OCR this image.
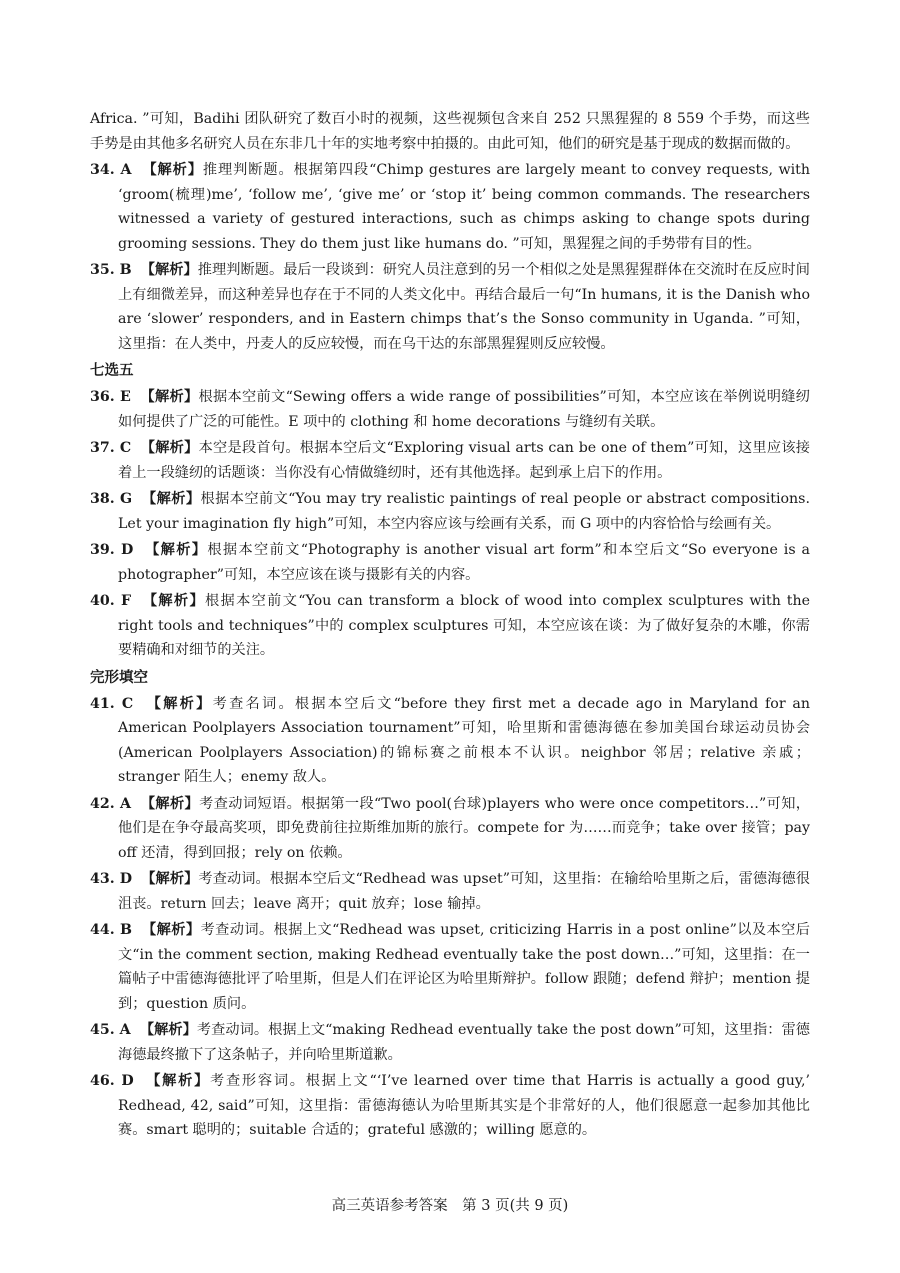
Africa. ”可知，Badihi 团队研究了数百小时的视频，这些视频包含来自 252 只黑猩猩的 8 559 个手势，而这些手势是由其他多名研究人员在东非几十年的实地考察中拍摄的。由此可知，他们的研究是基于现成的数据而做的。

34. A 【解析】推理判断题。根据第四段“Chimp gestures are largely meant to convey requests, with ‘groom(梳理)me’, ‘follow me’, ‘give me’ or ‘stop it’ being common commands. The researchers witnessed a variety of gestured interactions, such as chimps asking to change spots during grooming sessions. They do them just like humans do. ”可知，黑猩猩之间的手势带有目的性。

35. B 【解析】推理判断题。最后一段谈到：研究人员注意到的另一个相似之处是黑猩猩群体在交流时在反应时间上有细微差异，而这种差异也存在于不同的人类文化中。再结合最后一句“In humans, it is the Danish who are ‘slower’ responders, and in Eastern chimps that’s the Sonso community in Uganda. ”可知，这里指：在人类中，丹麦人的反应较慢，而在乌干达的东部黑猩猩则反应较慢。

七选五

36. E 【解析】根据本空前文“Sewing offers a wide range of possibilities”可知，本空应该在举例说明缝纫如何提供了广泛的可能性。E 项中的 clothing 和 home decorations 与缝纫有关联。

37. C 【解析】本空是段首句。根据本空后文“Exploring visual arts can be one of them”可知，这里应该接着上一段缝纫的话题谈：当你没有心情做缝纫时，还有其他选择。起到承上启下的作用。

38. G 【解析】根据本空前文“You may try realistic paintings of real people or abstract compositions. Let your imagination fly high”可知，本空内容应该与绘画有关系，而 G 项中的内容恰恰与绘画有关。

39. D 【解析】根据本空前文“Photography is another visual art form”和本空后文“So everyone is a photographer”可知，本空应该在谈与摄影有关的内容。

40. F 【解析】根据本空前文“You can transform a block of wood into complex sculptures with the right tools and techniques”中的 complex sculptures 可知，本空应该在谈：为了做好复杂的木雕，你需要精确和对细节的关注。

完形填空

41. C 【解析】考查名词。根据本空后文“before they first met a decade ago in Maryland for an American Poolplayers Association tournament”可知，哈里斯和雷德海德在参加美国台球运动员协会(American Poolplayers Association)的锦标赛之前根本不认识。neighbor 邻居；relative 亲戚；stranger 陌生人；enemy 敌人。

42. A 【解析】考查动词短语。根据第一段“Two pool(台球)players who were once competitors…”可知，他们是在争夺最高奖项，即免费前往拉斯维加斯的旅行。compete for 为……而竞争；take over 接管；pay off 还清，得到回报；rely on 依赖。

43. D 【解析】考查动词。根据本空后文“Redhead was upset”可知，这里指：在输给哈里斯之后，雷德海德很沮丧。return 回去；leave 离开；quit 放弃；lose 输掉。

44. B 【解析】考查动词。根据上文“Redhead was upset, criticizing Harris in a post online”以及本空后文“in the comment section, making Redhead eventually take the post down…”可知，这里指：在一篇帖子中雷德海德批评了哈里斯，但是人们在评论区为哈里斯辩护。follow 跟随；defend 辩护；mention 提到；question 质问。

45. A 【解析】考查动词。根据上文“making Redhead eventually take the post down”可知，这里指：雷德海德最终撤下了这条帖子，并向哈里斯道歉。

46. D 【解析】考查形容词。根据上文“‘I’ve learned over time that Harris is actually a good guy,’ Redhead, 42, said”可知，这里指：雷德海德认为哈里斯其实是个非常好的人，他们很愿意一起参加其他比赛。smart 聪明的；suitable 合适的；grateful 感激的；willing 愿意的。

高三英语参考答案　第 3 页(共 9 页)
